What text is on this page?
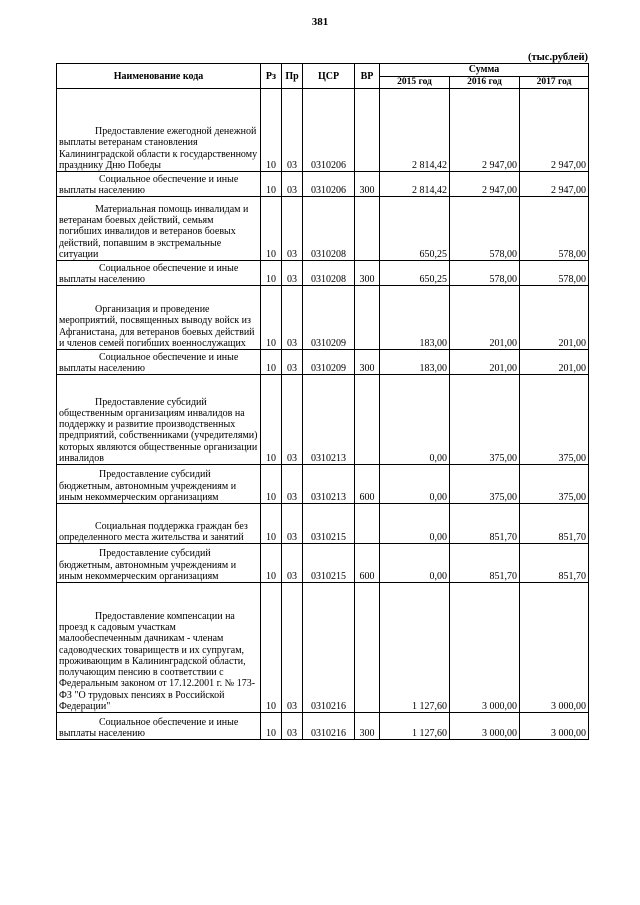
381
(тыс.рублей)
Наименование кода	Рз	Пр	ЦСР	ВР	Сумма		
					2015 год	2016 год	2017 год

Предоставление ежегодной денежной выплаты ветеранам становления Калининградской области к государственному празднику Дню Победы	10	03	0310206		2 814,42	2 947,00	2 947,00

Социальное обеспечение и иные выплаты населению	10	03	0310206	300	2 814,42	2 947,00	2 947,00

Материальная помощь инвалидам и ветеранам боевых действий, семьям погибших инвалидов и ветеранов боевых действий, попавшим в экстремальные ситуации	10	03	0310208		650,25	578,00	578,00

Социальное обеспечение и иные выплаты населению	10	03	0310208	300	650,25	578,00	578,00

Организация и проведение мероприятий, посвященных выводу войск из Афганистана, для ветеранов боевых действий и членов семей погибших военнослужащих	10	03	0310209		183,00	201,00	201,00

Социальное обеспечение и иные выплаты населению	10	03	0310209	300	183,00	201,00	201,00

Предоставление субсидий общественным организациям инвалидов на поддержку и развитие производственных предприятий, собственниками (учредителями) которых являются общественные организации инвалидов	10	03	0310213		0,00	375,00	375,00

Предоставление субсидий бюджетным, автономным учреждениям и иным некоммерческим организациям	10	03	0310213	600	0,00	375,00	375,00

Социальная поддержка граждан без определенного места жительства и занятий	10	03	0310215		0,00	851,70	851,70

Предоставление субсидий бюджетным, автономным учреждениям и иным некоммерческим организациям	10	03	0310215	600	0,00	851,70	851,70

Предоставление компенсации на проезд к садовым участкам малообеспеченным дачникам - членам садоводческих товариществ и их супругам, проживающим в Калининградской области, получающим пенсию в соответствии с Федеральным законом от 17.12.2001 г. № 173-ФЗ "О трудовых пенсиях в Российской Федерации"	10	03	0310216		1 127,60	3 000,00	3 000,00

Социальное обеспечение и иные выплаты населению	10	03	0310216	300	1 127,60	3 000,00	3 000,00
